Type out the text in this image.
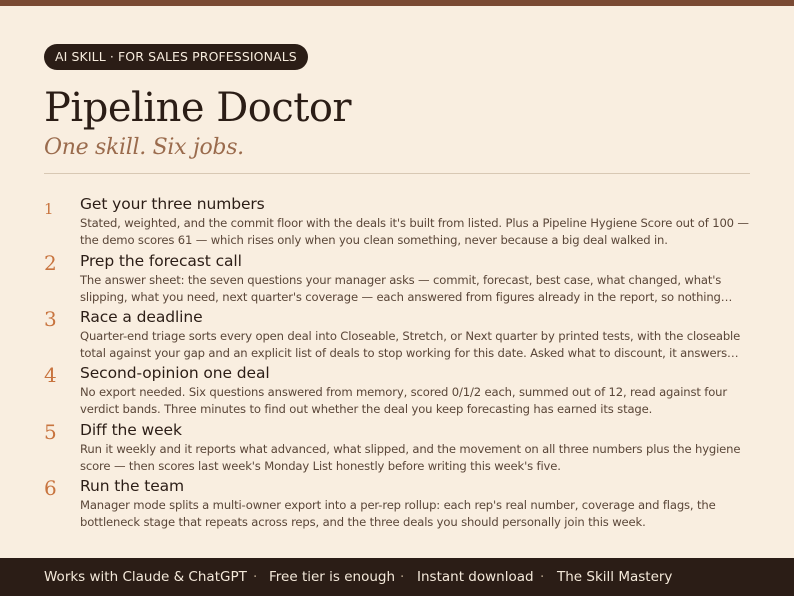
AI SKILL · FOR SALES PROFESSIONALS
Pipeline Doctor
One skill. Six jobs.
1	Get your three numbers
Stated, weighted, and the commit floor with the deals it's built from listed. Plus a Pipeline Hygiene Score out of 100 — the demo scores 61 — which rises only when you clean something, never because a big deal walked in.
2	Prep the forecast call
The answer sheet: the seven questions your manager asks — commit, forecast, best case, what changed, what's slipping, what you need, next quarter's coverage — each answered from figures already in the report, so nothing…
3	Race a deadline
Quarter-end triage sorts every open deal into Closeable, Stretch, or Next quarter by printed tests, with the closeable total against your gap and an explicit list of deals to stop working for this date. Asked what to discount, it answers…
4	Second-opinion one deal
No export needed. Six questions answered from memory, scored 0/1/2 each, summed out of 12, read against four verdict bands. Three minutes to find out whether the deal you keep forecasting has earned its stage.
5	Diff the week
Run it weekly and it reports what advanced, what slipped, and the movement on all three numbers plus the hygiene score — then scores last week's Monday List honestly before writing this week's five.
6	Run the team
Manager mode splits a multi-owner export into a per-rep rollup: each rep's real number, coverage and flags, the bottleneck stage that repeats across reps, and the three deals you should personally join this week.
Works with Claude & ChatGPT · Free tier is enough · Instant download · The Skill Mastery
